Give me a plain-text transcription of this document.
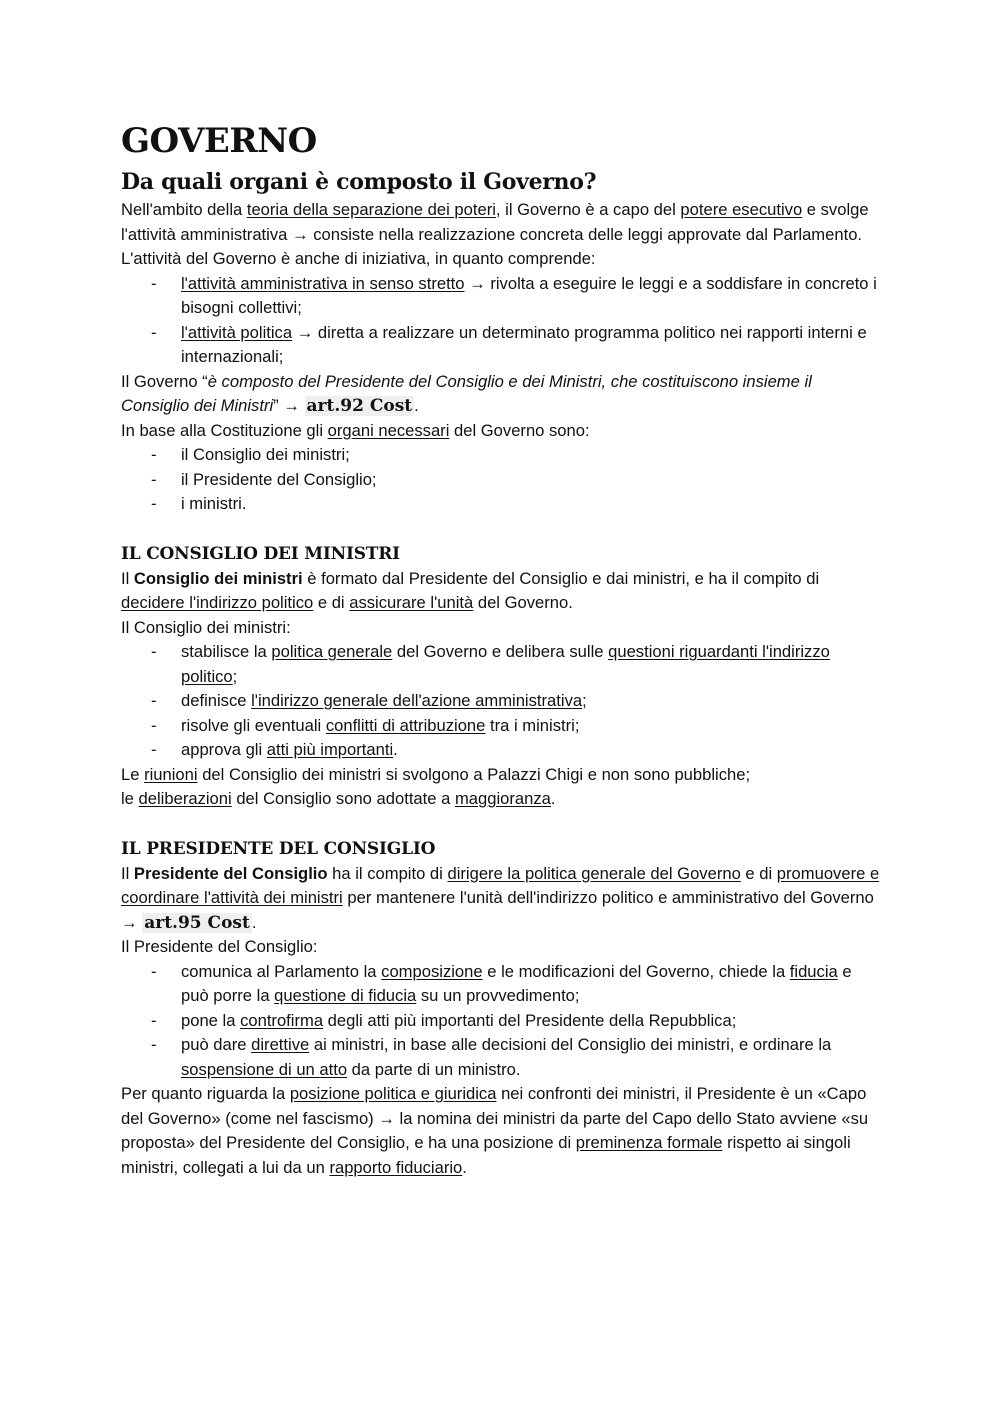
GOVERNO
Da quali organi è composto il Governo?

Nell'ambito della teoria della separazione dei poteri, il Governo è a capo del potere esecutivo e svolge l'attività amministrativa → consiste nella realizzazione concreta delle leggi approvate dal Parlamento.

L'attività del Governo è anche di iniziativa, in quanto comprende:

- l'attività amministrativa in senso stretto → rivolta a eseguire le leggi e a soddisfare in concreto i bisogni collettivi;
- l'attività politica → diretta a realizzare un determinato programma politico nei rapporti interni e internazionali;

Il Governo “è composto del Presidente del Consiglio e dei Ministri, che costituiscono insieme il Consiglio dei Ministri” → art.92 Cost .

In base alla Costituzione gli organi necessari del Governo sono:

- il Consiglio dei ministri;
- il Presidente del Consiglio;
- i ministri.
IL CONSIGLIO DEI MINISTRI

Il Consiglio dei ministri è formato dal Presidente del Consiglio e dai ministri, e ha il compito di decidere l'indirizzo politico e di assicurare l'unità del Governo.

Il Consiglio dei ministri:

- stabilisce la politica generale del Governo e delibera sulle questioni riguardanti l'indirizzo politico;
- definisce l'indirizzo generale dell'azione amministrativa;
- risolve gli eventuali conflitti di attribuzione tra i ministri;
- approva gli atti più importanti.

Le riunioni del Consiglio dei ministri si svolgono a Palazzi Chigi e non sono pubbliche;

le deliberazioni del Consiglio sono adottate a maggioranza.

IL PRESIDENTE DEL CONSIGLIO

Il Presidente del Consiglio ha il compito di dirigere la politica generale del Governo e di promuovere e coordinare l'attività dei ministri per mantenere l'unità dell'indirizzo politico e amministrativo del Governo → art.95 Cost .

Il Presidente del Consiglio:

- comunica al Parlamento la composizione e le modificazioni del Governo, chiede la fiducia e può porre la questione di fiducia su un provvedimento;
- pone la controfirma degli atti più importanti del Presidente della Repubblica;
- può dare direttive ai ministri, in base alle decisioni del Consiglio dei ministri, e ordinare la sospensione di un atto da parte di un ministro.

Per quanto riguarda la posizione politica e giuridica nei confronti dei ministri, il Presidente è un «Capo del Governo» (come nel fascismo) → la nomina dei ministri da parte del Capo dello Stato avviene «su proposta» del Presidente del Consiglio, e ha una posizione di preminenza formale rispetto ai singoli ministri, collegati a lui da un rapporto fiduciario.
